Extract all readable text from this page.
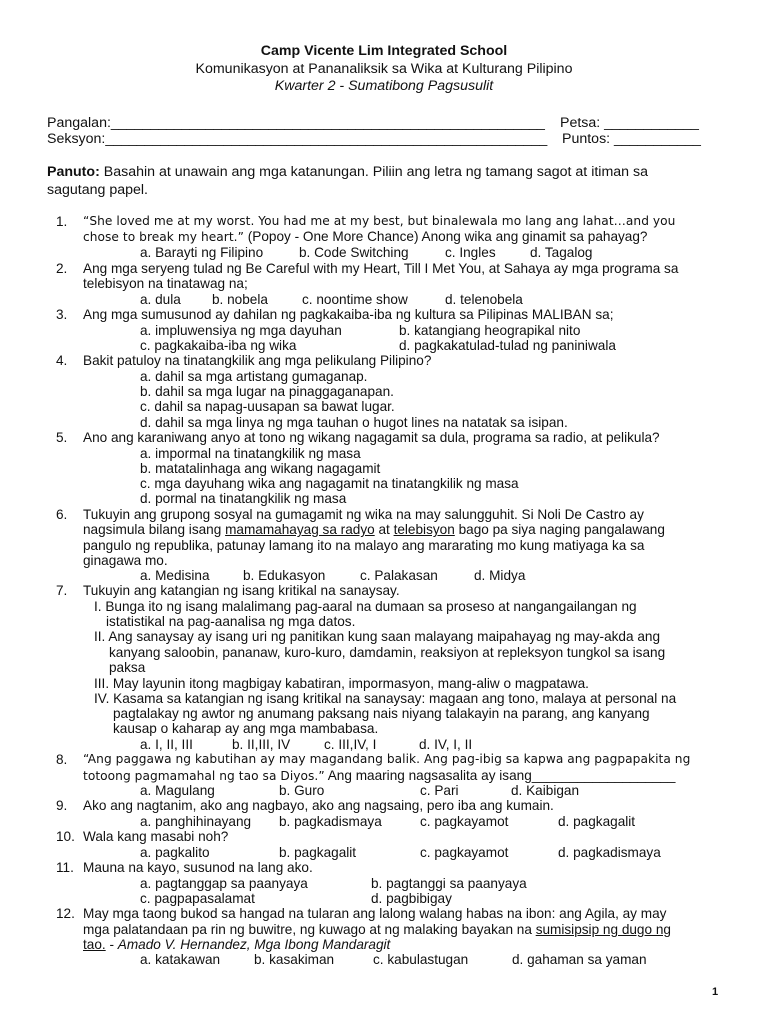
Camp Vicente Lim Integrated School
Komunikasyon at Pananaliksik sa Wika at Kulturang Pilipino
Kwarter 2 - Sumatibong Pagsusulit
Pangalan:_______________________________________________________ Petsa: ____________
Seksyon:________________________________________________________ Puntos: ___________
Panuto: Basahin at unawain ang mga katanungan. Piliin ang letra ng tamang sagot at itiman sa
sagutang papel.
1. “She loved me at my worst. You had me at my best, but binalewala mo lang ang lahat…and you
chose to break my heart.” (Popoy - One More Chance) Anong wika ang ginamit sa pahayag?
a. Barayti ng Filipino	b. Code Switching	c. Ingles	d. Tagalog
2. Ang mga seryeng tulad ng Be Careful with my Heart, Till I Met You, at Sahaya ay mga programa sa
telebisyon na tinatawag na;
a. dula b. nobela	c. noontime show	d. telenobela
3. Ang mga sumusunod ay dahilan ng pagkakaiba-iba ng kultura sa Pilipinas MALIBAN sa;
a. impluwensiya ng mga dayuhan	b. katangiang heograpikal nito
c. pagkakaiba-iba ng wika	d. pagkakatulad-tulad ng paniniwala
4. Bakit patuloy na tinatangkilik ang mga pelikulang Pilipino?
a. dahil sa mga artistang gumaganap.
b. dahil sa mga lugar na pinaggaganapan.
c. dahil sa napag-uusapan sa bawat lugar.
d. dahil sa mga linya ng mga tauhan o hugot lines na natatak sa isipan.
5. Ano ang karaniwang anyo at tono ng wikang nagagamit sa dula, programa sa radio, at pelikula?
a. impormal na tinatangkilik ng masa
b. matatalinhaga ang wikang nagagamit
c. mga dayuhang wika ang nagagamit na tinatangkilik ng masa
d. pormal na tinatangkilik ng masa
6. Tukuyin ang grupong sosyal na gumagamit ng wika na may salungguhit. Si Noli De Castro ay
nagsimula bilang isang mamamahayag sa radyo at telebisyon bago pa siya naging pangalawang
pangulo ng republika, patunay lamang ito na malayo ang mararating mo kung matiyaga ka sa
ginagawa mo.
a. Medisina b. Edukasyon	c. Palakasan	d. Midya
7. Tukuyin ang katangian ng isang kritikal na sanaysay.
I. Bunga ito ng isang malalimang pag-aaral na dumaan sa proseso at nangangailangan ng
istatistikal na pag-aanalisa ng mga datos.
II. Ang sanaysay ay isang uri ng panitikan kung saan malayang maipahayag ng may-akda ang
kanyang saloobin, pananaw, kuro-kuro, damdamin, reaksiyon at repleksyon tungkol sa isang
paksa
III. May layunin itong magbigay kabatiran, impormasyon, mang-aliw o magpatawa.
IV. Kasama sa katangian ng isang kritikal na sanaysay: magaan ang tono, malaya at personal na
pagtalakay ng awtor ng anumang paksang nais niyang talakayin na parang, ang kanyang
kausap o kaharap ay ang mga mambabasa.
a. I, II, III	b. II,III, IV c. III,IV, I	d. IV, I, II
8. “Ang paggawa ng kabutihan ay may magandang balik. Ang pag-ibig sa kapwa ang pagpapakita ng
totoong pagmamahal ng tao sa Diyos.” Ang maaring nagsasalita ay isang___________________
a. Magulang	b. Guro	c. Pari	d. Kaibigan
9. Ako ang nagtanim, ako ang nagbayo, ako ang nagsaing, pero iba ang kumain.
a. panghihinayang b. pagkadismaya	c. pagkayamot	d. pagkagalit
10. Wala kang masabi noh?
a. pagkalito	b. pagkagalit	c. pagkayamot	d. pagkadismaya
11. Mauna na kayo, susunod na lang ako.
a. pagtanggap sa paanyaya	b. pagtanggi sa paanyaya
c. pagpapasalamat	d. pagbibigay
12. May mga taong bukod sa hangad na tularan ang lalong walang habas na ibon: ang Agila, ay may
mga palatandaan pa rin ng buwitre, ng kuwago at ng malaking bayakan na sumisipsip ng dugo ng
tao. - Amado V. Hernandez, Mga Ibong Mandaragit
a. katakawan b. kasakiman	c. kabulastugan	d. gahaman sa yaman
1
